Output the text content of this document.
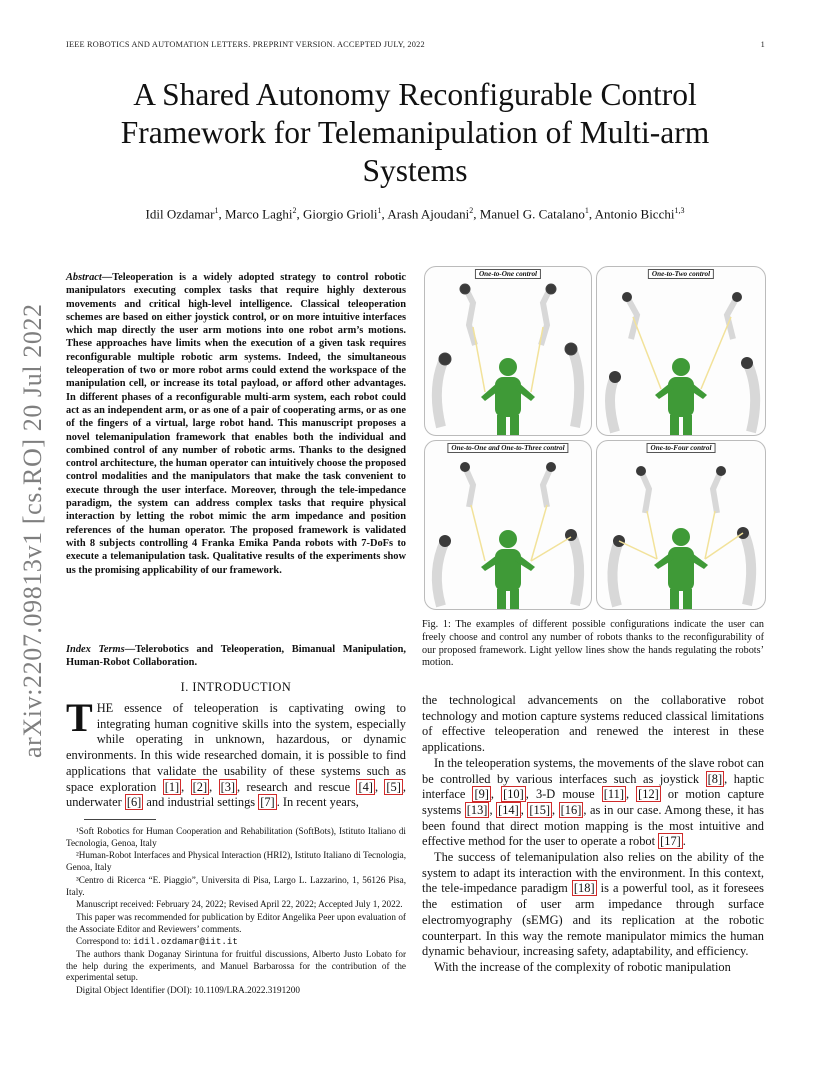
IEEE ROBOTICS AND AUTOMATION LETTERS. PREPRINT VERSION. ACCEPTED JULY, 2022	1
arXiv:2207.09813v1 [cs.RO] 20 Jul 2022
A Shared Autonomy Reconfigurable Control Framework for Telemanipulation of Multi-arm Systems
Idil Ozdamar$^1$, Marco Laghi$^2$, Giorgio Grioli$^1$, Arash Ajoudani$^2$, Manuel G. Catalano$^1$, Antonio Bicchi$^{1,3}$
Abstract—Teleoperation is a widely adopted strategy to control robotic manipulators executing complex tasks that require highly dexterous movements and critical high-level intelligence. Classical teleoperation schemes are based on either joystick control, or on more intuitive interfaces which map directly the user arm motions into one robot arm’s motions. These approaches have limits when the execution of a given task requires reconfigurable multiple robotic arm systems. Indeed, the simultaneous teleoperation of two or more robot arms could extend the workspace of the manipulation cell, or increase its total payload, or afford other advantages. In different phases of a reconfigurable multi-arm system, each robot could act as an independent arm, or as one of a pair of cooperating arms, or as one of the fingers of a virtual, large robot hand. This manuscript proposes a novel telemanipulation framework that enables both the individual and combined control of any number of robotic arms. Thanks to the designed control architecture, the human operator can intuitively choose the proposed control modalities and the manipulators that make the task convenient to execute through the user interface. Moreover, through the tele-impedance paradigm, the system can address complex tasks that require physical interaction by letting the robot mimic the arm impedance and position references of the human operator. The proposed framework is validated with 8 subjects controlling 4 Franka Emika Panda robots with 7-DoFs to execute a telemanipulation task. Qualitative results of the experiments show us the promising applicability of our framework.
Index Terms—Telerobotics and Teleoperation, Bimanual Manipulation, Human-Robot Collaboration.
I. INTRODUCTION
THE essence of teleoperation is captivating owing to integrating human cognitive skills into the system, especially while operating in unknown, hazardous, or dynamic environments. In this wide researched domain, it is possible to find applications that validate the usability of these systems such as space exploration [1] , [2] , [3] , research and rescue [4] , [5] , underwater [6] and industrial settings [7] . In recent years,

¹Soft Robotics for Human Cooperation and Rehabilitation (SoftBots), Istituto Italiano di Tecnologia, Genoa, Italy

²Human-Robot Interfaces and Physical Interaction (HRI2), Istituto Italiano di Tecnologia, Genoa, Italy

³Centro di Ricerca “E. Piaggio”, Universita di Pisa, Largo L. Lazzarino, 1, 56126 Pisa, Italy.

Manuscript received: February 24, 2022; Revised April 22, 2022; Accepted July 1, 2022.

This paper was recommended for publication by Editor Angelika Peer upon evaluation of the Associate Editor and Reviewers’ comments.

Correspond to: idil.ozdamar@iit.it

The authors thank Doganay Sirintuna for fruitful discussions, Alberto Justo Lobato for the help during the experiments, and Manuel Barbarossa for the contribution of the experimental setup.

Digital Object Identifier (DOI): 10.1109/LRA.2022.3191200

One-to-One control	One-to-Two control
One-to-One and One-to-Three control	One-to-Four control
Fig. 1: The examples of different possible configurations indicate the user can freely choose and control any number of robots thanks to the reconfigurability of our proposed framework. Light yellow lines show the hands regulating the robots’ motion.

the technological advancements on the collaborative robot technology and motion capture systems reduced classical limitations of effective teleoperation and renewed the interest in these applications.

In the teleoperation systems, the movements of the slave robot can be controlled by various interfaces such as joystick [8] , haptic interface [9] , [10] , 3-D mouse [11] , [12] or motion capture systems [13] , [14] , [15] , [16] , as in our case. Among these, it has been found that direct motion mapping is the most intuitive and effective method for the user to operate a robot [17] .

The success of telemanipulation also relies on the ability of the system to adapt its interaction with the environment. In this context, the tele-impedance paradigm [18] is a powerful tool, as it foresees the estimation of user arm impedance through surface electromyography (sEMG) and its replication at the robotic counterpart. In this way the remote manipulator mimics the human dynamic behaviour, increasing safety, adaptability, and efficiency.

With the increase of the complexity of robotic manipulation
